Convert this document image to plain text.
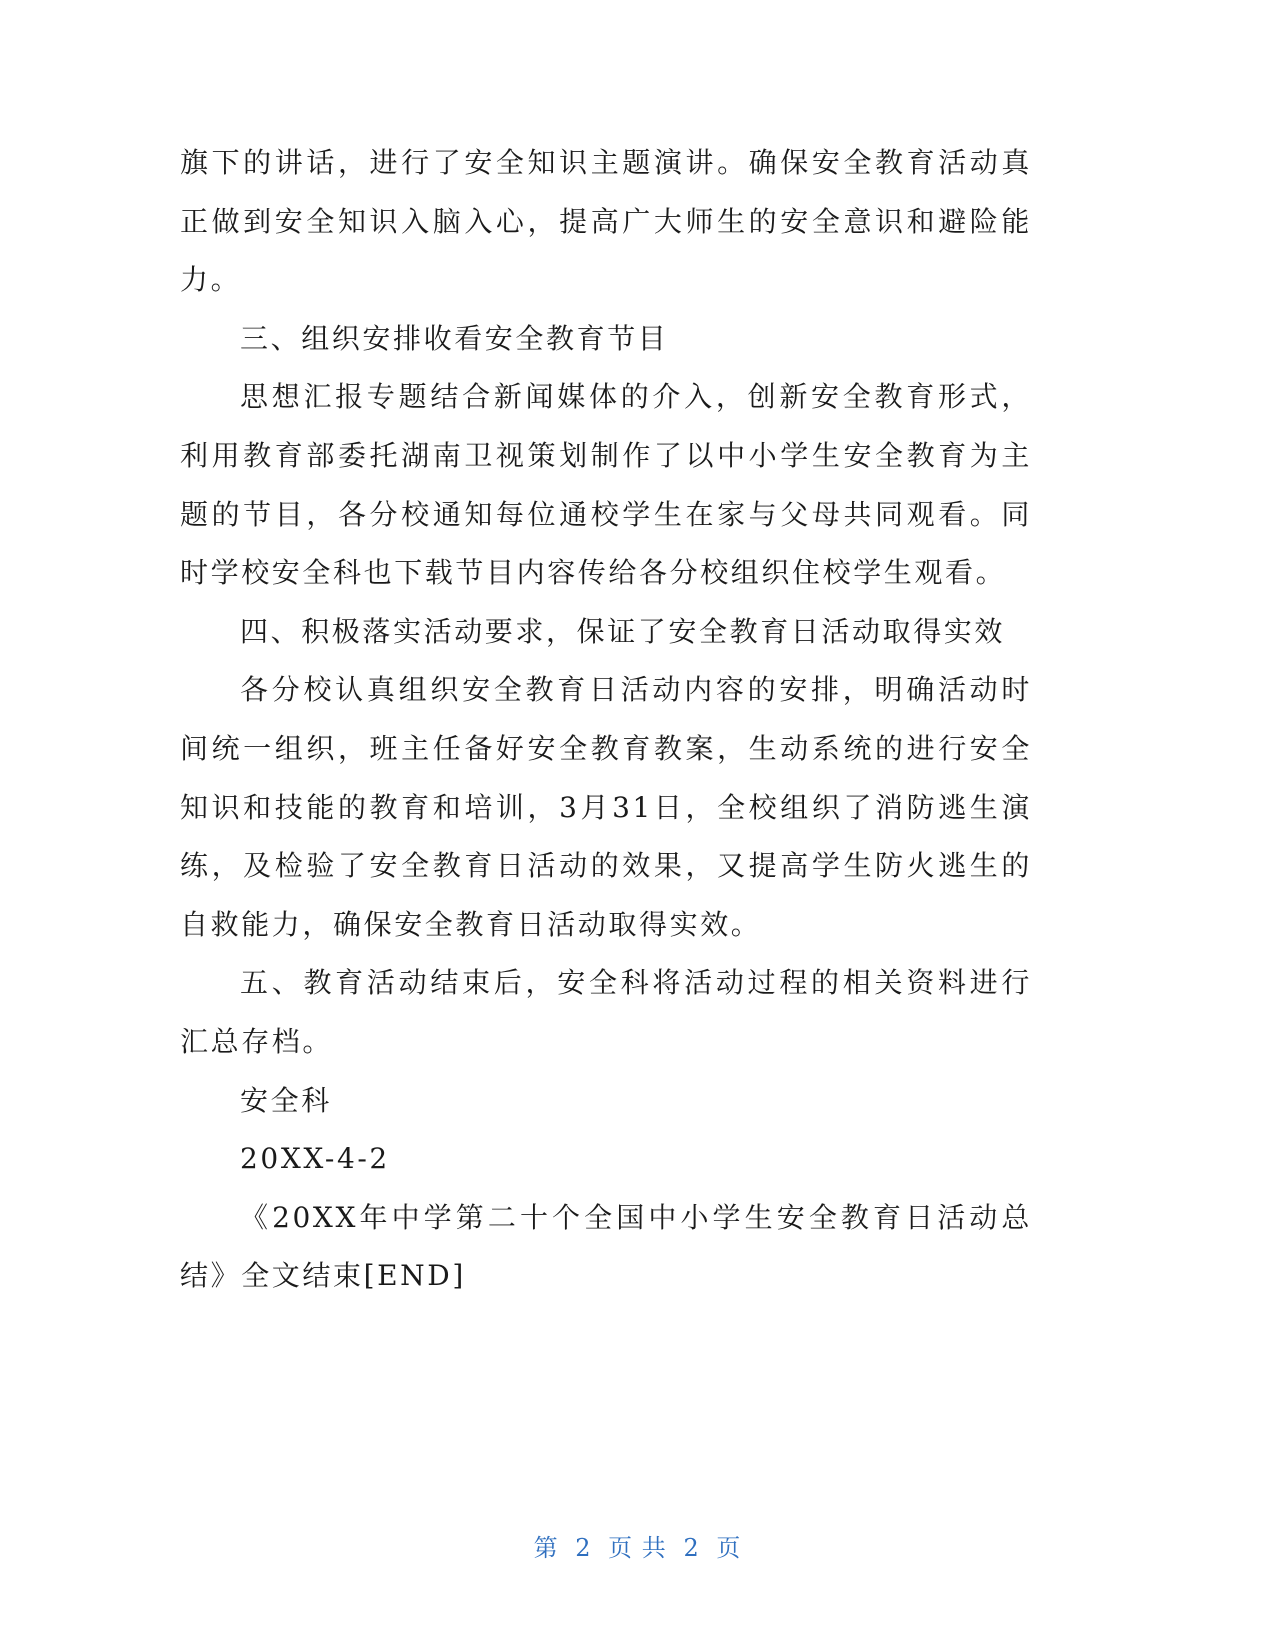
旗下的讲话，进行了安全知识主题演讲。确保安全教育活动真正做到安全知识入脑入心，提高广大师生的安全意识和避险能力。

三、组织安排收看安全教育节目

思想汇报专题结合新闻媒体的介入，创新安全教育形式，利用教育部委托湖南卫视策划制作了以中小学生安全教育为主题的节目，各分校通知每位通校学生在家与父母共同观看。同时学校安全科也下载节目内容传给各分校组织住校学生观看。

四、积极落实活动要求，保证了安全教育日活动取得实效

各分校认真组织安全教育日活动内容的安排，明确活动时间统一组织，班主任备好安全教育教案，生动系统的进行安全知识和技能的教育和培训，3月31日，全校组织了消防逃生演练，及检验了安全教育日活动的效果，又提高学生防火逃生的自救能力，确保安全教育日活动取得实效。

五、教育活动结束后，安全科将活动过程的相关资料进行汇总存档。

安全科

20XX-4-2

《20XX年中学第二十个全国中小学生安全教育日活动总结》全文结束[END]

第 2 页 共 2 页
